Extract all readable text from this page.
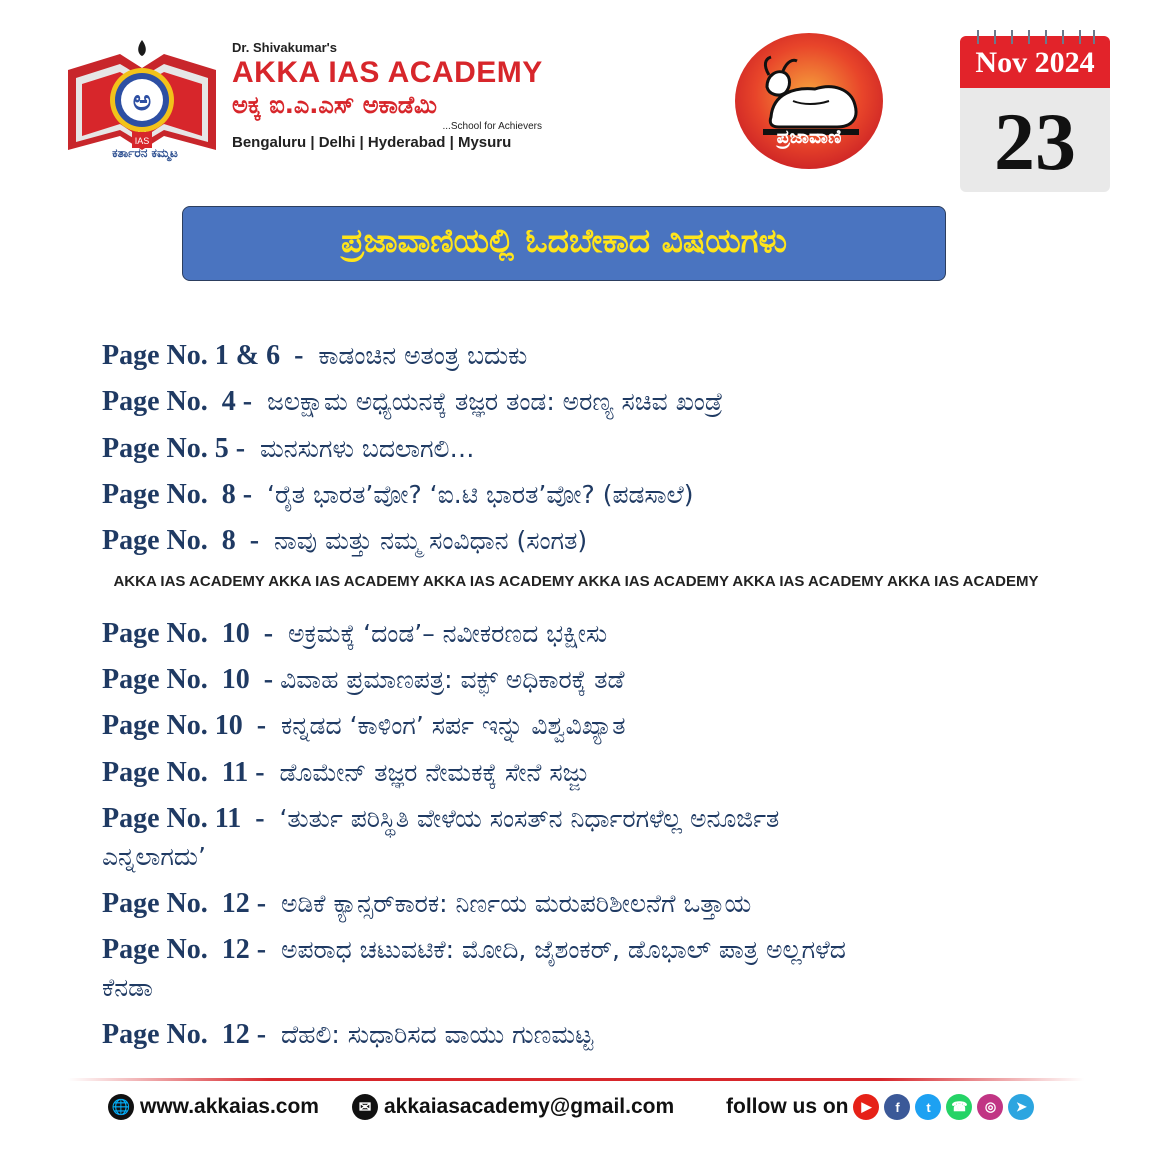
ಅ
IAS
ಕರ್ತಾರನ ಕಮ್ಮಟ
Dr. Shivakumar's
AKKA IAS ACADEMY
ಅಕ್ಕ ಐ.ಎ.ಎಸ್ ಅಕಾಡೆಮಿ
...School for Achievers
Bengaluru | Delhi | Hyderabad | Mysuru	ಪ್ರಜಾವಾಣಿ
Nov 2024
23
ಪ್ರಜಾವಾಣಿಯಲ್ಲಿ ಓದಬೇಕಾದ ವಿಷಯಗಳು
Page No. 1 & 6  -  ಕಾಡಂಚಿನ ಅತಂತ್ರ ಬದುಕು
Page No.  4 -  ಜಲಕ್ಷಾಮ ಅಧ್ಯಯನಕ್ಕೆ ತಜ್ಞರ ತಂಡ: ಅರಣ್ಯ ಸಚಿವ ಖಂಡ್ರೆ
Page No. 5 -  ಮನಸುಗಳು ಬದಲಾಗಲಿ…
Page No.  8 -  ‘ರೈತ ಭಾರತ’ವೋ? ‘ಐ.ಟಿ ಭಾರತ’ವೋ? (ಪಡಸಾಲೆ)
Page No.  8  -  ನಾವು ಮತ್ತು ನಮ್ಮ ಸಂವಿಧಾನ (ಸಂಗತ)
AKKA IAS ACADEMY AKKA IAS ACADEMY AKKA IAS ACADEMY AKKA IAS ACADEMY AKKA IAS ACADEMY AKKA IAS ACADEMY
Page No.  10  -  ಅಕ್ರಮಕ್ಕೆ ‘ದಂಡ’– ನವೀಕರಣದ ಭಕ್ಷೀಸು
Page No.  10  - ವಿವಾಹ ಪ್ರಮಾಣಪತ್ರ: ವಕ್ಫ್‌ ಅಧಿಕಾರಕ್ಕೆ ತಡೆ
Page No. 10  -  ಕನ್ನಡದ ‘ಕಾಳಿಂಗ’ ಸರ್ಪ ಇನ್ನು ವಿಶ್ವವಿಖ್ಯಾತ
Page No.  11 -  ಡೊಮೇನ್ ತಜ್ಞರ ನೇಮಕಕ್ಕೆ ಸೇನೆ ಸಜ್ಜು
Page No. 11  -  ‘ತುರ್ತು ಪರಿಸ್ಥಿತಿ ವೇಳೆಯ ಸಂಸತ್‌ನ ನಿರ್ಧಾರಗಳೆಲ್ಲ ಅನೂರ್ಜಿತ
ಎನ್ನಲಾಗದು’
Page No.  12 -  ಅಡಿಕೆ ಕ್ಯಾನ್ಸರ್‌ಕಾರಕ: ನಿರ್ಣಯ ಮರುಪರಿಶೀಲನೆಗೆ ಒತ್ತಾಯ
Page No.  12 -  ಅಪರಾಧ ಚಟುವಟಿಕೆ: ಮೋದಿ, ಜೈಶಂಕರ್, ಡೊಭಾಲ್ ಪಾತ್ರ ಅಲ್ಲಗಳೆದ
ಕೆನಡಾ
Page No.  12 -  ದೆಹಲಿ: ಸುಧಾರಿಸದ ವಾಯು ಗುಣಮಟ್ಟ
🌐 www.akkaias.com	✉ akkaiasacademy@gmail.com follow us on	▶	f	t	☎	◎	➤
